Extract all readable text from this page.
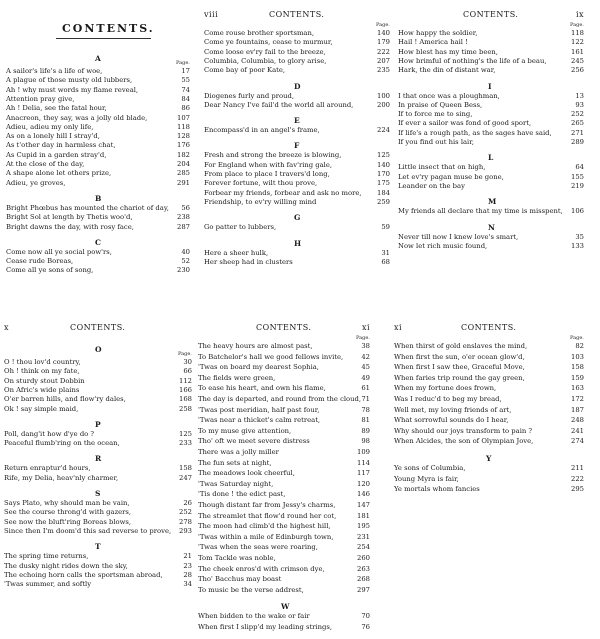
CONTENTS.
A	Page.
A sailor's life's a life of woe,	17
A plague of those musty old lubbers,	55
Ah ! why must words my flame reveal,	74
Attention pray give,	84
Ah ! Delia, see the fatal hour,	86
Anacreon, they say, was a jolly old blade,	107
Adieu, adieu my only life,	118
As on a lonely hill I stray'd,	128
As t'other day in harmless chat,	176
As Cupid in a garden stray'd,	182
At the close of the day,	204
A shape alone let others prize,	285
Adieu, ye groves,	291
B
Bright Phœbus has mounted the chariot of day, 56
Bright Sol at length by Thetis woo'd,	238
Bright dawns the day, with rosy face,	287
C
Come now all ye social pow'rs,	40
Cease rude Boreas,	52
Come all ye sons of song,	230
CONTENTS.
viii
Page.
Come rouse brother sportsman,	140
Come ye fountains, cease to murmur,	179
Come loose ev'ry fail to the breeze,	222
Columbia, Columbia, to glory arise,	207
Come bay of poor Kate,	235
D
Diogenes furly and proud,	100
Dear Nancy I've fail'd the world all around,	200
E
Encompass'd in an angel's frame,	224
F
Fresh and strong the breeze is blowing,	125
For England when with fav'ring gale,	140
From place to place I travers'd long,	170
Forever fortune, wilt thou prove,	175
Forbear my friends, forbear and ask no more, 184
Friendship, to ev'ry willing mind	259
G
Go patter to lubbers,	59
H
Here a sheer hulk,	31
Her sheep had in clusters	68
CONTENTS.	ix
Page.
How happy the soldier,	118
Hail ! America hail !	122
How blest has my time been,	161
How brimful of nothing's the life of a beau,	245
Hark, the din of distant war,	256
I
I that once was a ploughman,	13
In praise of Queen Bess,	93
If to force me to sing,	252
If ever a sailor was fond of good sport,	265
If life's a rough path, as the sages have said,	271
If you find out his lair,	289
L
Little insect that on high,	64
Let ev'ry pagan muse be gone,	155
Leander on the bay	219
M
My friends all declare that my time is misspent, 106
N
Never till now I knew love's smart,	35
Now let rich music found,	133
CONTENTS.
x
O	Page.
O ! thou lov'd country,	30
Oh ! think on my fate,	66
On sturdy stout Dobbin	112
On Afric's wide plains	166
O'er barren hills, and flow'ry dales,	168
Ok ! say simple maid,	258
P
Poll, dang'it how d'ye do ?	125
Peaceful flumb'ring on the ocean,	233
R
Return enraptur'd hours,	158
Rife, my Delia, heav'nly charmer,	247
S
Says Plato, why should man be vain,	26
See the course throng'd with gazers,	252
See now the bluft'ring Boreas blows,	278
Since then I'm doom'd this sad reverse to prove, 293
T
The spring time returns,	21
The dusky night rides down the sky,	23
The echoing horn calls the sportsman abroad,	28
'Twas summer, and softly	34
CONTENTS.	xi
Page.
The heavy hours are almost past,	38
To Batchelor's hall we good fellows invite,	42
'Twas on board my dearest Sophia,	45
The fields were green,	49
To ease his heart, and own his flame,	61
The day is departed, and round from the cloud, 71
'Twas post meridian, half past four,	78
'Twas near a thicket's calm retreat,	81
To my muse give attention,	89
Tho' oft we meet severe distress	98
There was a jolly miller	109
The fun sets at night,	114
The meadows look cheerful,	117
'Twas Saturday night,	120
'Tis done ! the edict past,	146
Though distant far from Jessy's charms,	147
The streamlet that flow'd round her cot,	181
The moon had climb'd the highest hill,	195
'Twas within a mile of Edinburgh town,	231
'Twas when the seas were roaring,	254
Tom Tackle was noble,	260
The cheek enros'd with crimson dye,	263
Tho' Bacchus may boast	268
To music be the verse addrest,	297
W
When bidden to the wake or fair	70
When first I slipp'd my leading strings,	76
CONTENTS.
xi
Page.
When thirst of gold enslaves the mind,	82
When first the sun, o'er ocean glow'd,	103
When first I saw thee, Graceful Move,	158
When faries trip round the gay green,	159
When my fortune does frown,	163
Was I reduc'd to beg my bread,	172
Well met, my loving friends of art,	187
What sorrowful sounds do I hear,	248
Why should our joys transform to pain ?	241
When Alcides, the son of Olympian Jove,	274
Y
Ye sons of Columbia,	211
Young Myra is fair,	222
Ye mortals whom fancies	295
